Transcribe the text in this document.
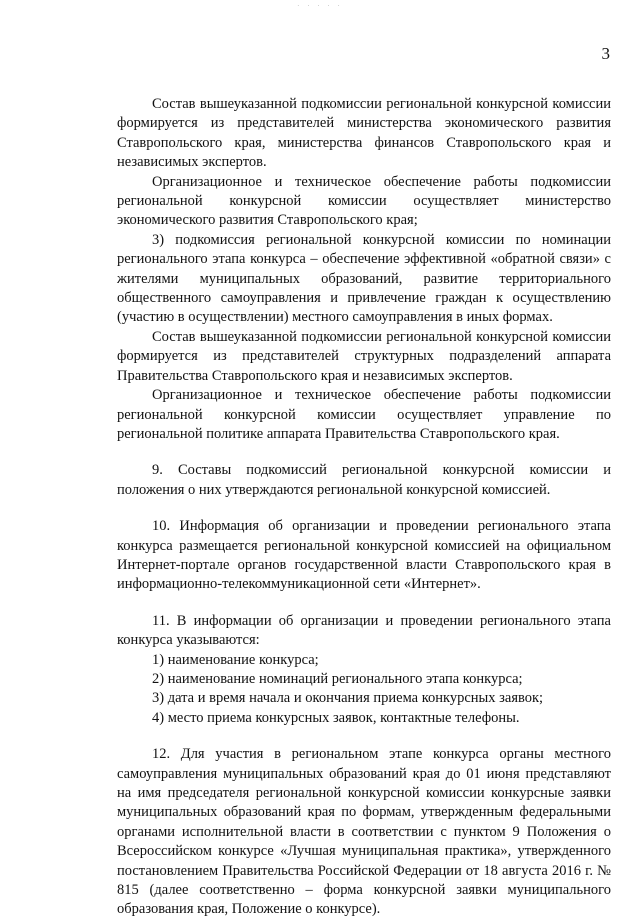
· · · · ·
3

Состав вышеуказанной подкомиссии региональной конкурсной комиссии формируется из представителей министерства экономического развития Ставропольского края, министерства финансов Ставропольского края и независимых экспертов.

Организационное и техническое обеспечение работы подкомиссии региональной конкурсной комиссии осуществляет министерство экономического развития Ставропольского края;

3) подкомиссия региональной конкурсной комиссии по номинации регионального этапа конкурса – обеспечение эффективной «обратной связи» с жителями муниципальных образований, развитие территориального общественного самоуправления и привлечение граждан к осуществлению (участию в осуществлении) местного самоуправления в иных формах.

Состав вышеуказанной подкомиссии региональной конкурсной комиссии формируется из представителей структурных подразделений аппарата Правительства Ставропольского края и независимых экспертов.

Организационное и техническое обеспечение работы подкомиссии региональной конкурсной комиссии осуществляет управление по региональной политике аппарата Правительства Ставропольского края.

9. Составы подкомиссий региональной конкурсной комиссии и положения о них утверждаются региональной конкурсной комиссией.

10. Информация об организации и проведении регионального этапа конкурса размещается региональной конкурсной комиссией на официальном Интернет-портале органов государственной власти Ставропольского края в информационно-телекоммуникационной сети «Интернет».

11. В информации об организации и проведении регионального этапа конкурса указываются:

1) наименование конкурса;

2) наименование номинаций регионального этапа конкурса;

3) дата и время начала и окончания приема конкурсных заявок;

4) место приема конкурсных заявок, контактные телефоны.

12. Для участия в региональном этапе конкурса органы местного самоуправления муниципальных образований края до 01 июня представляют на имя председателя региональной конкурсной комиссии конкурсные заявки муниципальных образований края по формам, утвержденным федеральными органами исполнительной власти в соответствии с пунктом 9 Положения о Всероссийском конкурсе «Лучшая муниципальная практика», утвержденного постановлением Правительства Российской Федерации от 18 августа 2016 г. № 815 (далее соответственно – форма конкурсной заявки муниципального образования края, Положение о конкурсе).
